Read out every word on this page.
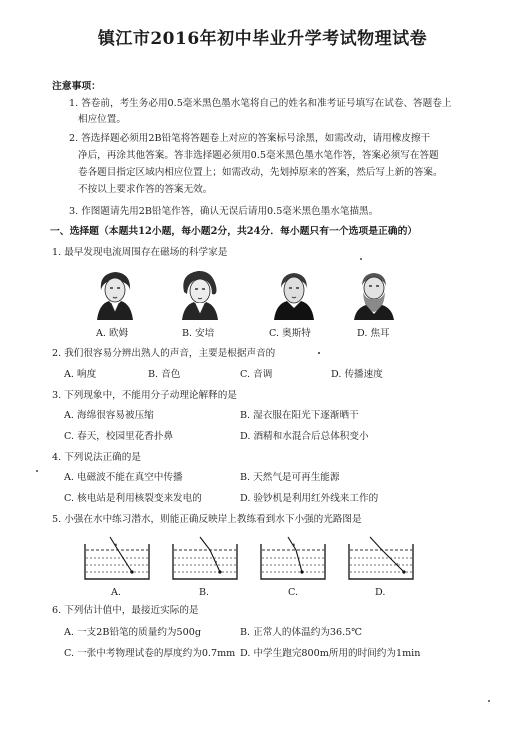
镇江市2016年初中毕业升学考试物理试卷
注意事项：
1. 答卷前，考生务必用0.5毫米黑色墨水笔将自己的姓名和准考证号填写在试卷、答题卷上
相应位置。
2. 答选择题必须用2B铅笔将答题卷上对应的答案标号涂黑，如需改动，请用橡皮擦干
净后，再涂其他答案。答非选择题必须用0.5毫米黑色墨水笔作答，答案必须写在答题
卷各题目指定区域内相应位置上；如需改动，先划掉原来的答案，然后写上新的答案。
不按以上要求作答的答案无效。
3. 作图题请先用2B铅笔作答，确认无误后请用0.5毫米黑色墨水笔描黑。
一、选择题（本题共12小题，每小题2分，共24分．每小题只有一个选项是正确的）
1. 最早发现电流周围存在磁场的科学家是
A. 欧姆	B. 安培	C. 奥斯特	D. 焦耳
2. 我们很容易分辨出熟人的声音，主要是根据声音的
A. 响度	B. 音色	C. 音调	D. 传播速度
3. 下列现象中，不能用分子动理论解释的是
A. 海绵很容易被压缩	B. 湿衣服在阳光下逐渐晒干
C. 春天，校园里花香扑鼻	D. 酒精和水混合后总体积变小
4. 下列说法正确的是
A. 电磁波不能在真空中传播	B. 天然气是可再生能源
C. 核电站是利用核裂变来发电的	D. 验钞机是利用红外线来工作的
5. 小强在水中练习潜水，则能正确反映岸上教练看到水下小强的光路图是
A.	B.	C.	D.
6. 下列估计值中，最接近实际的是
A. 一支2B铅笔的质量约为500g	B. 正常人的体温约为36.5℃
C. 一张中考物理试卷的厚度约为0.7mm D. 中学生跑完800m所用的时间约为1min
